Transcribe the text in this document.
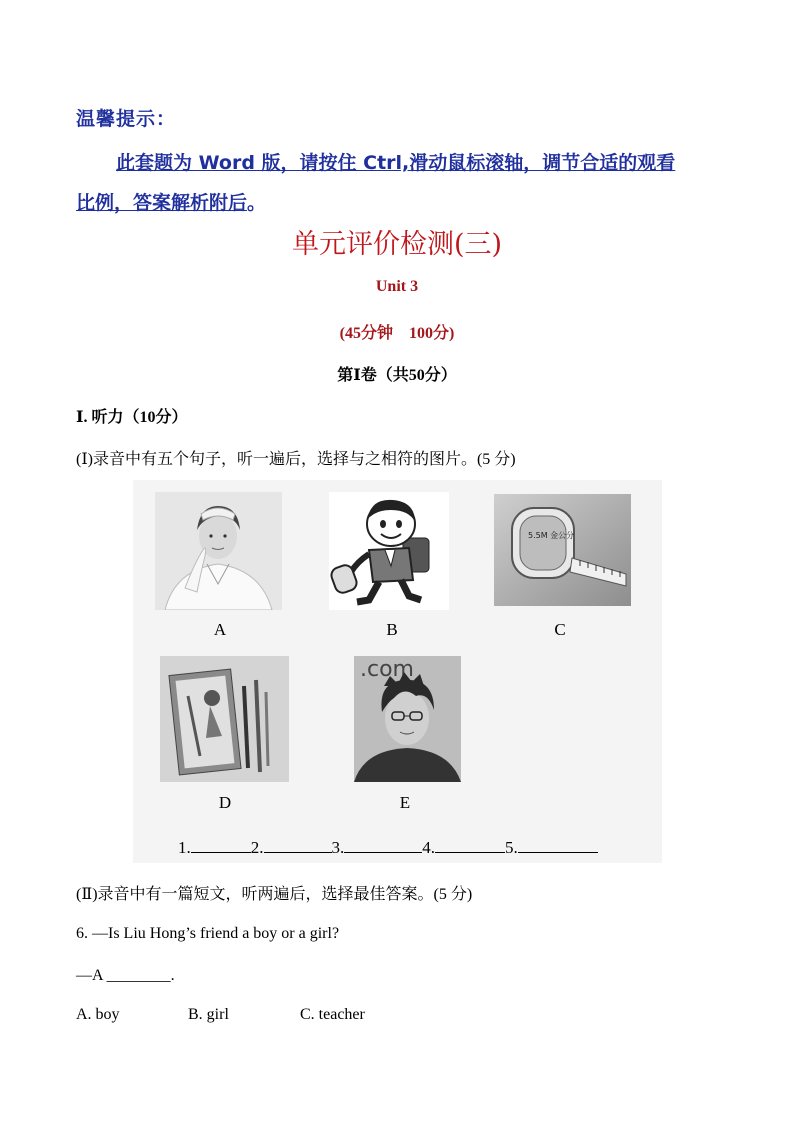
温馨提示：
此套题为 Word 版，请按住 Ctrl,滑动鼠标滚轴，调节合适的观看
比例，答案解析附后。
单元评价检测(三)
Unit 3
(45分钟　100分)
第Ⅰ卷（共50分）
Ⅰ. 听力（10分）
(Ⅰ)录音中有五个句子，听一遍后，选择与之相符的图片。(5 分)
A	B
5.5M 金公分
C
D
.com
E
1.	2.	3.	4.	5.
(Ⅱ)录音中有一篇短文，听两遍后，选择最佳答案。(5 分)
6. —Is Liu Hong’s friend a boy or a girl?
—A ________.
A. boy	B. girl	C. teacher
